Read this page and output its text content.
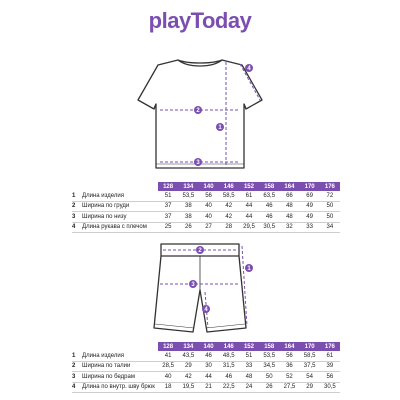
playToday
1
2
3
4
		128	134	140	146	152	158	164	170	176
1	Длина изделия	51	53,5	56	58,5	61	63,5	66	69	72
2	Ширина по груди	37	38	40	42	44	46	48	49	50
3	Ширина по низу	37	38	40	42	44	46	48	49	50
4	Длина рукава с плечом	25	26	27	28	29,5	30,5	32	33	34
1
2
3
4
		128	134	140	146	152	158	164	170	176
1	Длина изделия	41	43,5	46	48,5	51	53,5	56	58,5	61
2	Ширина по талии	28,5	29	30	31,5	33	34,5	36	37,5	39
3	Ширина по бедрам	40	42	44	46	48	50	52	54	56
4	Длина по внутр. шву брюк	18	19,5	21	22,5	24	26	27,5	29	30,5
